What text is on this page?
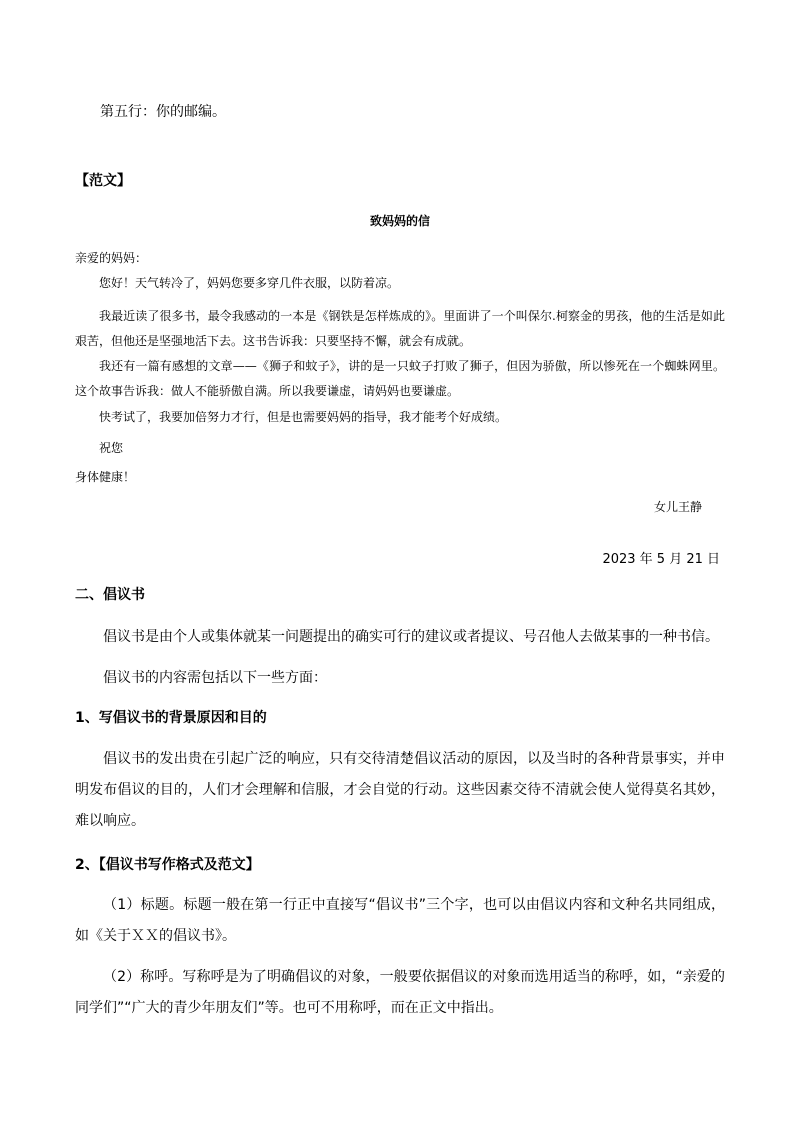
第五行：你的邮编。

【范文】

致妈妈的信

亲爱的妈妈：

您好！天气转冷了，妈妈您要多穿几件衣服，以防着凉。

我最近读了很多书，最令我感动的一本是《钢铁是怎样炼成的》。里面讲了一个叫保尔.柯察金的男孩，他的生活是如此艰苦，但他还是坚强地活下去。这书告诉我：只要坚持不懈，就会有成就。

我还有一篇有感想的文章——《狮子和蚊子》，讲的是一只蚊子打败了狮子，但因为骄傲，所以惨死在一个蜘蛛网里。这个故事告诉我：做人不能骄傲自满。所以我要谦虚，请妈妈也要谦虚。

快考试了，我要加倍努力才行，但是也需要妈妈的指导，我才能考个好成绩。

祝您

身体健康！

女儿王静

2023 年 5 月 21 日

二、倡议书

倡议书是由个人或集体就某一问题提出的确实可行的建议或者提议、号召他人去做某事的一种书信。

倡议书的内容需包括以下一些方面：

1、写倡议书的背景原因和目的

倡议书的发出贵在引起广泛的响应，只有交待清楚倡议活动的原因，以及当时的各种背景事实，并申明发布倡议的目的，人们才会理解和信服，才会自觉的行动。这些因素交待不清就会使人觉得莫名其妙，难以响应。

2、【倡议书写作格式及范文】

（1）标题。标题一般在第一行正中直接写“倡议书”三个字，也可以由倡议内容和文种名共同组成，如《关于ＸＸ的倡议书》。

（2）称呼。写称呼是为了明确倡议的对象，一般要依据倡议的对象而选用适当的称呼，如，“亲爱的同学们”“广大的青少年朋友们”等。也可不用称呼，而在正文中指出。
